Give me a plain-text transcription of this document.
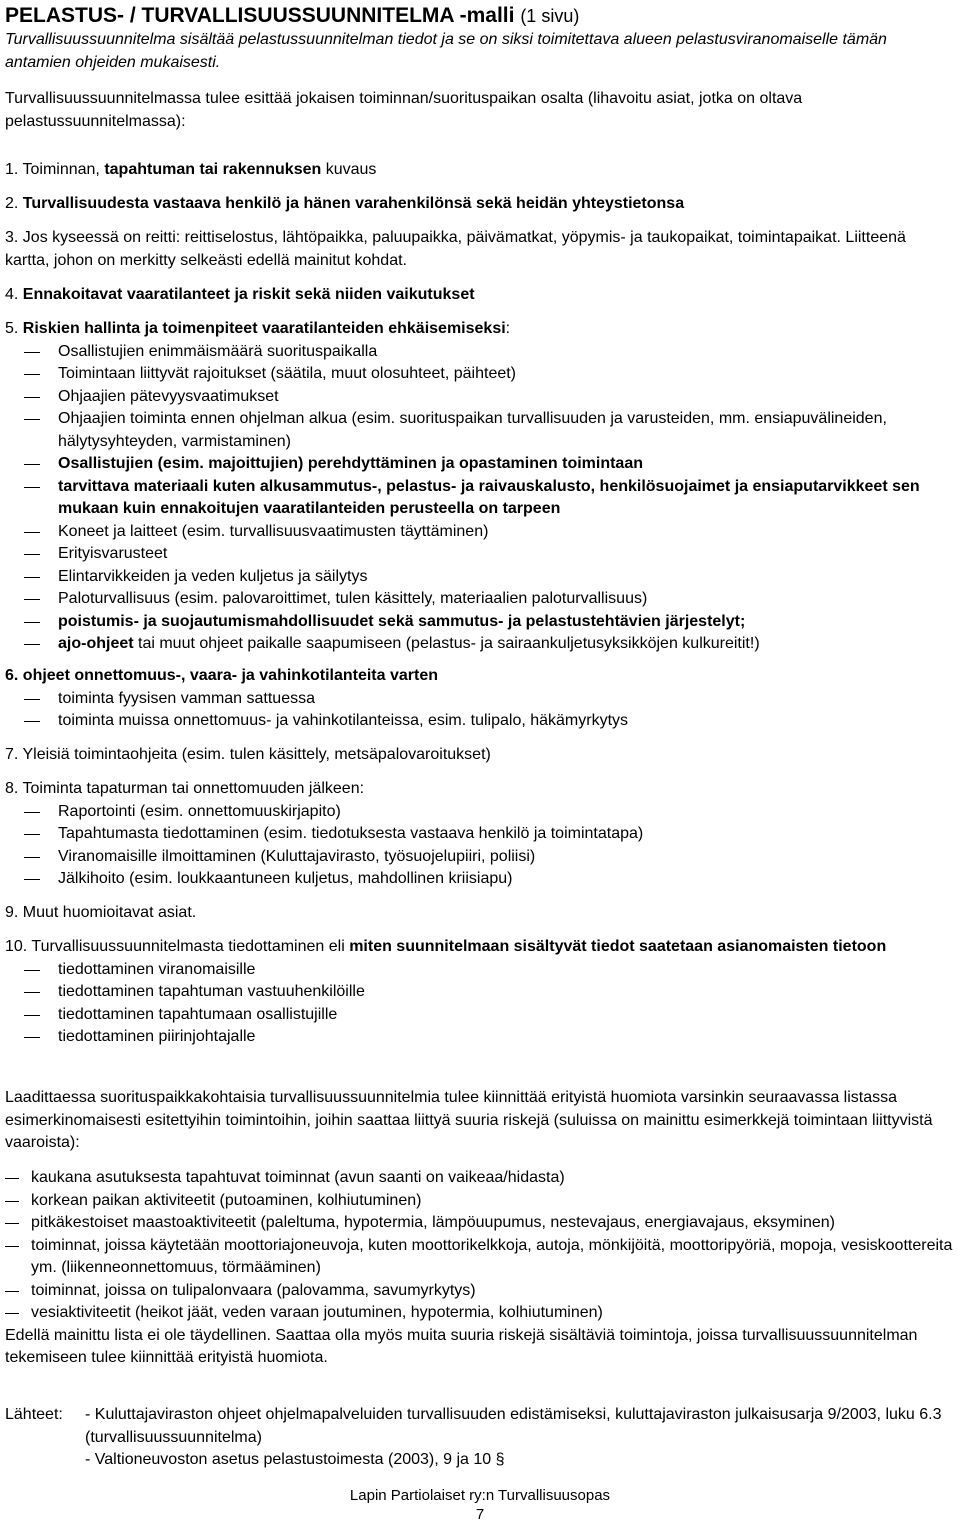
PELASTUS- / TURVALLISUUSSUUNNITELMA -malli (1 sivu)

Turvallisuussuunnitelma sisältää pelastussuunnitelman tiedot ja se on siksi toimitettava alueen pelastusviranomaiselle tämän antamien ohjeiden mukaisesti.

Turvallisuussuunnitelmassa tulee esittää jokaisen toiminnan/suorituspaikan osalta (lihavoitu asiat, jotka on oltava pelastussuunnitelmassa):

1. Toiminnan, tapahtuman tai rakennuksen kuvaus

2. Turvallisuudesta vastaava henkilö ja hänen varahenkilönsä sekä heidän yhteystietonsa

3. Jos kyseessä on reitti: reittiselostus, lähtöpaikka, paluupaikka, päivämatkat, yöpymis- ja taukopaikat, toimintapaikat. Liitteenä kartta, johon on merkitty selkeästi edellä mainitut kohdat.

4. Ennakoitavat vaaratilanteet ja riskit sekä niiden vaikutukset

5. Riskien hallinta ja toimenpiteet vaaratilanteiden ehkäisemiseksi:

Osallistujien enimmäismäärä suorituspaikalla

Toimintaan liittyvät rajoitukset (säätila, muut olosuhteet, päihteet)

Ohjaajien pätevyysvaatimukset

Ohjaajien toiminta ennen ohjelman alkua (esim. suorituspaikan turvallisuuden ja varusteiden, mm. ensiapuvälineiden, hälytysyhteyden, varmistaminen)

Osallistujien (esim. majoittujien) perehdyttäminen ja opastaminen toimintaan

tarvittava materiaali kuten alkusammutus-, pelastus- ja raivauskalusto, henkilösuojaimet ja ensiaputarvikkeet sen mukaan kuin ennakoitujen vaaratilanteiden perusteella on tarpeen

Koneet ja laitteet (esim. turvallisuusvaatimusten täyttäminen)

Erityisvarusteet

Elintarvikkeiden ja veden kuljetus ja säilytys

Paloturvallisuus (esim. palovaroittimet, tulen käsittely, materiaalien paloturvallisuus)

poistumis- ja suojautumismahdollisuudet sekä sammutus- ja pelastustehtävien järjestelyt;

ajo-ohjeet tai muut ohjeet paikalle saapumiseen (pelastus- ja sairaankuljetusyksikköjen kulkureitit!)

6. ohjeet onnettomuus-, vaara- ja vahinkotilanteita varten

toiminta fyysisen vamman sattuessa

toiminta muissa onnettomuus- ja vahinkotilanteissa, esim. tulipalo, häkämyrkytys

7. Yleisiä toimintaohjeita (esim. tulen käsittely, metsäpalovaroitukset)

8. Toiminta tapaturman tai onnettomuuden jälkeen:

Raportointi (esim. onnettomuuskirjapito)

Tapahtumasta tiedottaminen (esim. tiedotuksesta vastaava henkilö ja toimintatapa)

Viranomaisille ilmoittaminen (Kuluttajavirasto, työsuojelupiiri, poliisi)

Jälkihoito (esim. loukkaantuneen kuljetus, mahdollinen kriisiapu)

9. Muut huomioitavat asiat.

10. Turvallisuussuunnitelmasta tiedottaminen eli miten suunnitelmaan sisältyvät tiedot saatetaan asianomaisten tietoon

tiedottaminen viranomaisille

tiedottaminen tapahtuman vastuuhenkilöille

tiedottaminen tapahtumaan osallistujille

tiedottaminen piirinjohtajalle

Laadittaessa suorituspaikkakohtaisia turvallisuussuunnitelmia tulee kiinnittää erityistä huomiota varsinkin seuraavassa listassa esimerkinomaisesti esitettyihin toimintoihin, joihin saattaa liittyä suuria riskejä (suluissa on mainittu esimerkkejä toimintaan liittyvistä vaaroista):

kaukana asutuksesta tapahtuvat toiminnat (avun saanti on vaikeaa/hidasta)

korkean paikan aktiviteetit (putoaminen, kolhiutuminen)

pitkäkestoiset maastoaktiviteetit (paleltuma, hypotermia, lämpöuupumus, nestevajaus, energiavajaus, eksyminen)

toiminnat, joissa käytetään moottoriajoneuvoja, kuten moottorikelkkoja, autoja, mönkijöitä, moottoripyöriä, mopoja, vesiskoottereita ym. (liikenneonnettomuus, törmääminen)

toiminnat, joissa on tulipalonvaara (palovamma, savumyrkytys)

vesiaktiviteetit (heikot jäät, veden varaan joutuminen, hypotermia, kolhiutuminen)

Edellä mainittu lista ei ole täydellinen. Saattaa olla myös muita suuria riskejä sisältäviä toimintoja, joissa turvallisuussuunnitelman tekemiseen tulee kiinnittää erityistä huomiota.

Lähteet:	- Kuluttajaviraston ohjeet ohjelmapalveluiden turvallisuuden edistämiseksi, kuluttajaviraston julkaisusarja 9/2003, luku 6.3 (turvallisuussuunnitelma)
- Valtioneuvoston asetus pelastustoimesta (2003), 9 ja 10 §
Lapin Partiolaiset ry:n Turvallisuusopas
7
